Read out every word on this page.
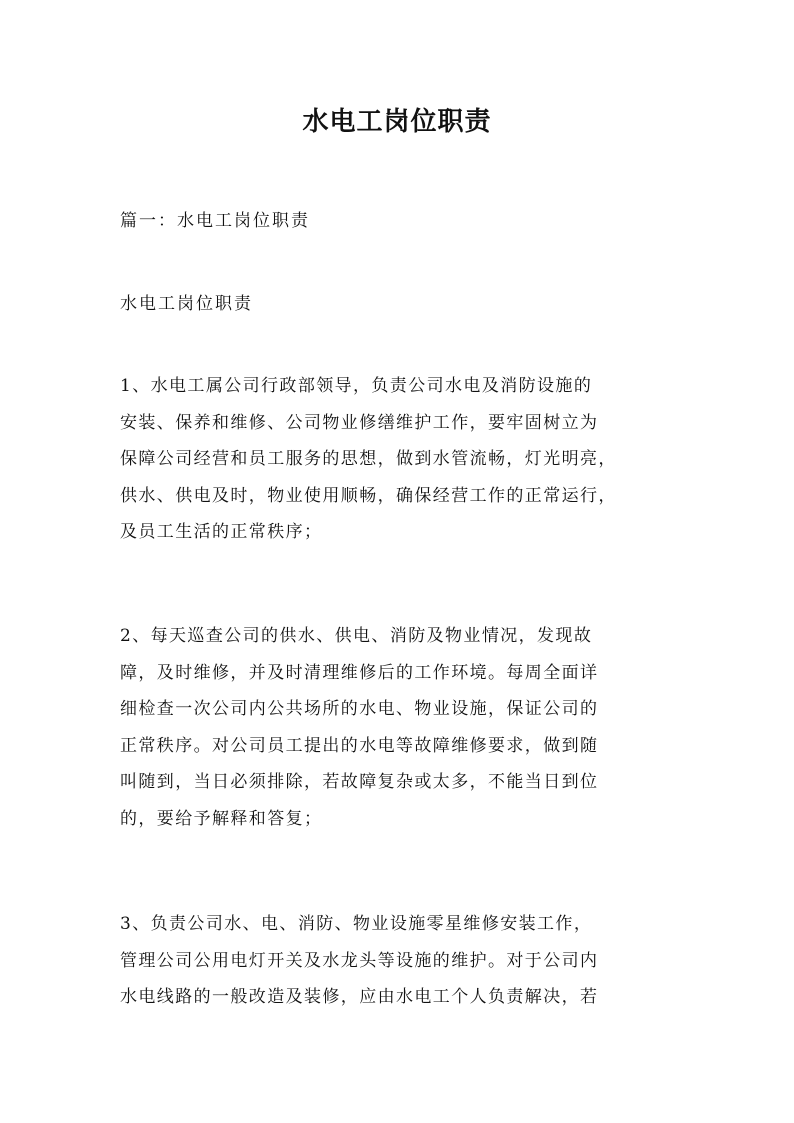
水电工岗位职责
篇一：水电工岗位职责
水电工岗位职责
1、水电工属公司行政部领导，负责公司水电及消防设施的
安装、保养和维修、公司物业修缮维护工作，要牢固树立为
保障公司经营和员工服务的思想，做到水管流畅，灯光明亮，
供水、供电及时，物业使用顺畅，确保经营工作的正常运行，
及员工生活的正常秩序；
2、每天巡查公司的供水、供电、消防及物业情况，发现故
障，及时维修，并及时清理维修后的工作环境。每周全面详
细检查一次公司内公共场所的水电、物业设施，保证公司的
正常秩序。对公司员工提出的水电等故障维修要求，做到随
叫随到，当日必须排除，若故障复杂或太多，不能当日到位
的，要给予解释和答复；
3、负责公司水、电、消防、物业设施零星维修安装工作，
管理公司公用电灯开关及水龙头等设施的维护。对于公司内
水电线路的一般改造及装修，应由水电工个人负责解决，若
